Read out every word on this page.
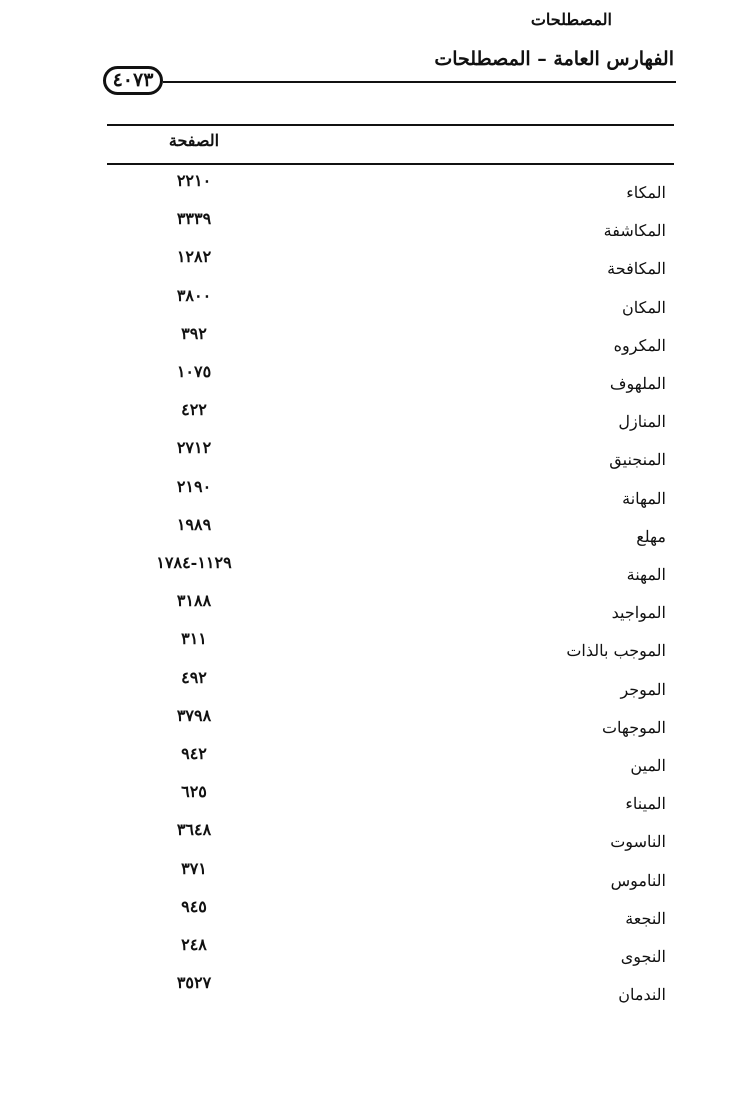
الفهارس العامة – المصطلحات
٤٠٧٣
المصطلحات
الصفحة
المكاء
٢٢١٠
المكاشفة
٣٣٣٩
المكافحة
١٢٨٢
المكان
٣٨٠٠
المكروه
٣٩٢
الملهوف
١٠٧٥
المنازل
٤٢٢
المنجنيق
٢٧١٢
المهانة
٢١٩٠
مهلع
١٩٨٩
المهنة
١٧٨٤-١١٢٩
المواجيد
٣١٨٨
الموجب بالذات
٣١١
الموجر
٤٩٢
الموجهات
٣٧٩٨
المين
٩٤٢
الميناء
٦٢٥
الناسوت
٣٦٤٨
الناموس
٣٧١
النجعة
٩٤٥
النجوى
٢٤٨
الندمان
٣٥٢٧
